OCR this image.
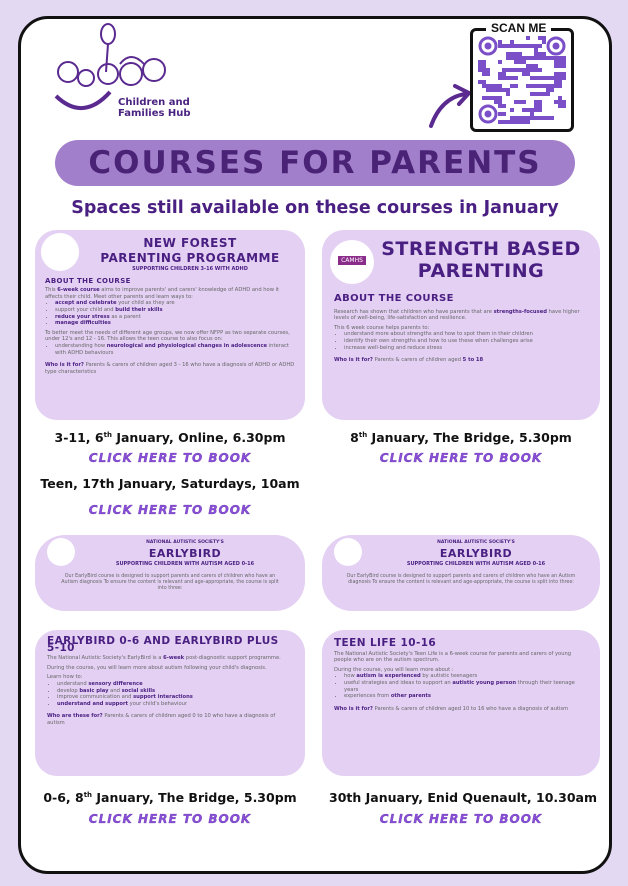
Children and
Families Hub
SCAN ME
COURSES FOR PARENTS
Spaces still available on these courses in January
NEW FOREST
PARENTING PROGRAMME
SUPPORTING CHILDREN 3-16 WITH ADHD
ABOUT THE COURSE
This 6-week course aims to improve parents' and carers' knowledge of ADHD and how it affects their child. Meet other parents and learn ways to:
• accept and celebrate your child as they are
• support your child and build their skills
• reduce your stress as a parent
• manage difficulties
To better meet the needs of different age groups, we now offer NFPP as two separate courses, under 12's and 12 - 16. This allows the teen course to also focus on:
• understanding how neurological and physiological changes in adolescence interact with ADHD behaviours
Who is it for? Parents & carers of children aged 3 - 16 who have a diagnosis of ADHD or ADHD type characteristics
CAMHS
STRENGTH BASED
PARENTING
ABOUT THE COURSE
Research has shown that children who have parents that are strengths-focused have higher levels of well-being, life-satisfaction and resilience.
This 6 week course helps parents to:
• understand more about strengths and how to spot them in their children
• identify their own strengths and how to use these when challenges arise
• increase well-being and reduce stress
Who is it for? Parents & carers of children aged 5 to 18
3-11, 6th January, Online, 6.30pm
CLICK HERE TO BOOK
Teen, 17th January, Saturdays, 10am
CLICK HERE TO BOOK
8th January, The Bridge, 5.30pm
CLICK HERE TO BOOK
NATIONAL AUTISTIC SOCIETY'S
EARLYBIRD
SUPPORTING CHILDREN WITH AUTISM AGED 0-16
Our EarlyBird course is designed to support parents and carers of children who have an Autism diagnosis To ensure the content is relevant and age-appropriate, the course is split into three:
NATIONAL AUTISTIC SOCIETY'S
EARLYBIRD
SUPPORTING CHILDREN WITH AUTISM AGED 0-16
Our EarlyBird course is designed to support parents and carers of children who have an Autism diagnosis To ensure the content is relevant and age-appropriate, the course is split into three:
EARLYBIRD 0-6 AND EARLYBIRD PLUS 5-10
The National Autistic Society's EarlyBird is a 6-week post-diagnostic support programme.
During the course, you will learn more about autism following your child's diagnosis.
Learn how to:
• understand sensory difference
• develop basic play and social skills
• improve communication and support interactions
• understand and support your child's behaviour
Who are these for? Parents & carers of children aged 0 to 10 who have a diagnosis of autism
TEEN LIFE 10-16
The National Autistic Society's Teen Life is a 6-week course for parents and carers of young people who are on the autism spectrum.
During the course, you will learn more about :
• how autism is experienced by autistic teenagers
• useful strategies and ideas to support an autistic young person through their teenage years
• experiences from other parents
Who is it for? Parents & carers of children aged 10 to 16 who have a diagnosis of autism
0-6, 8th January, The Bridge, 5.30pm
CLICK HERE TO BOOK
30th January, Enid Quenault, 10.30am
CLICK HERE TO BOOK
